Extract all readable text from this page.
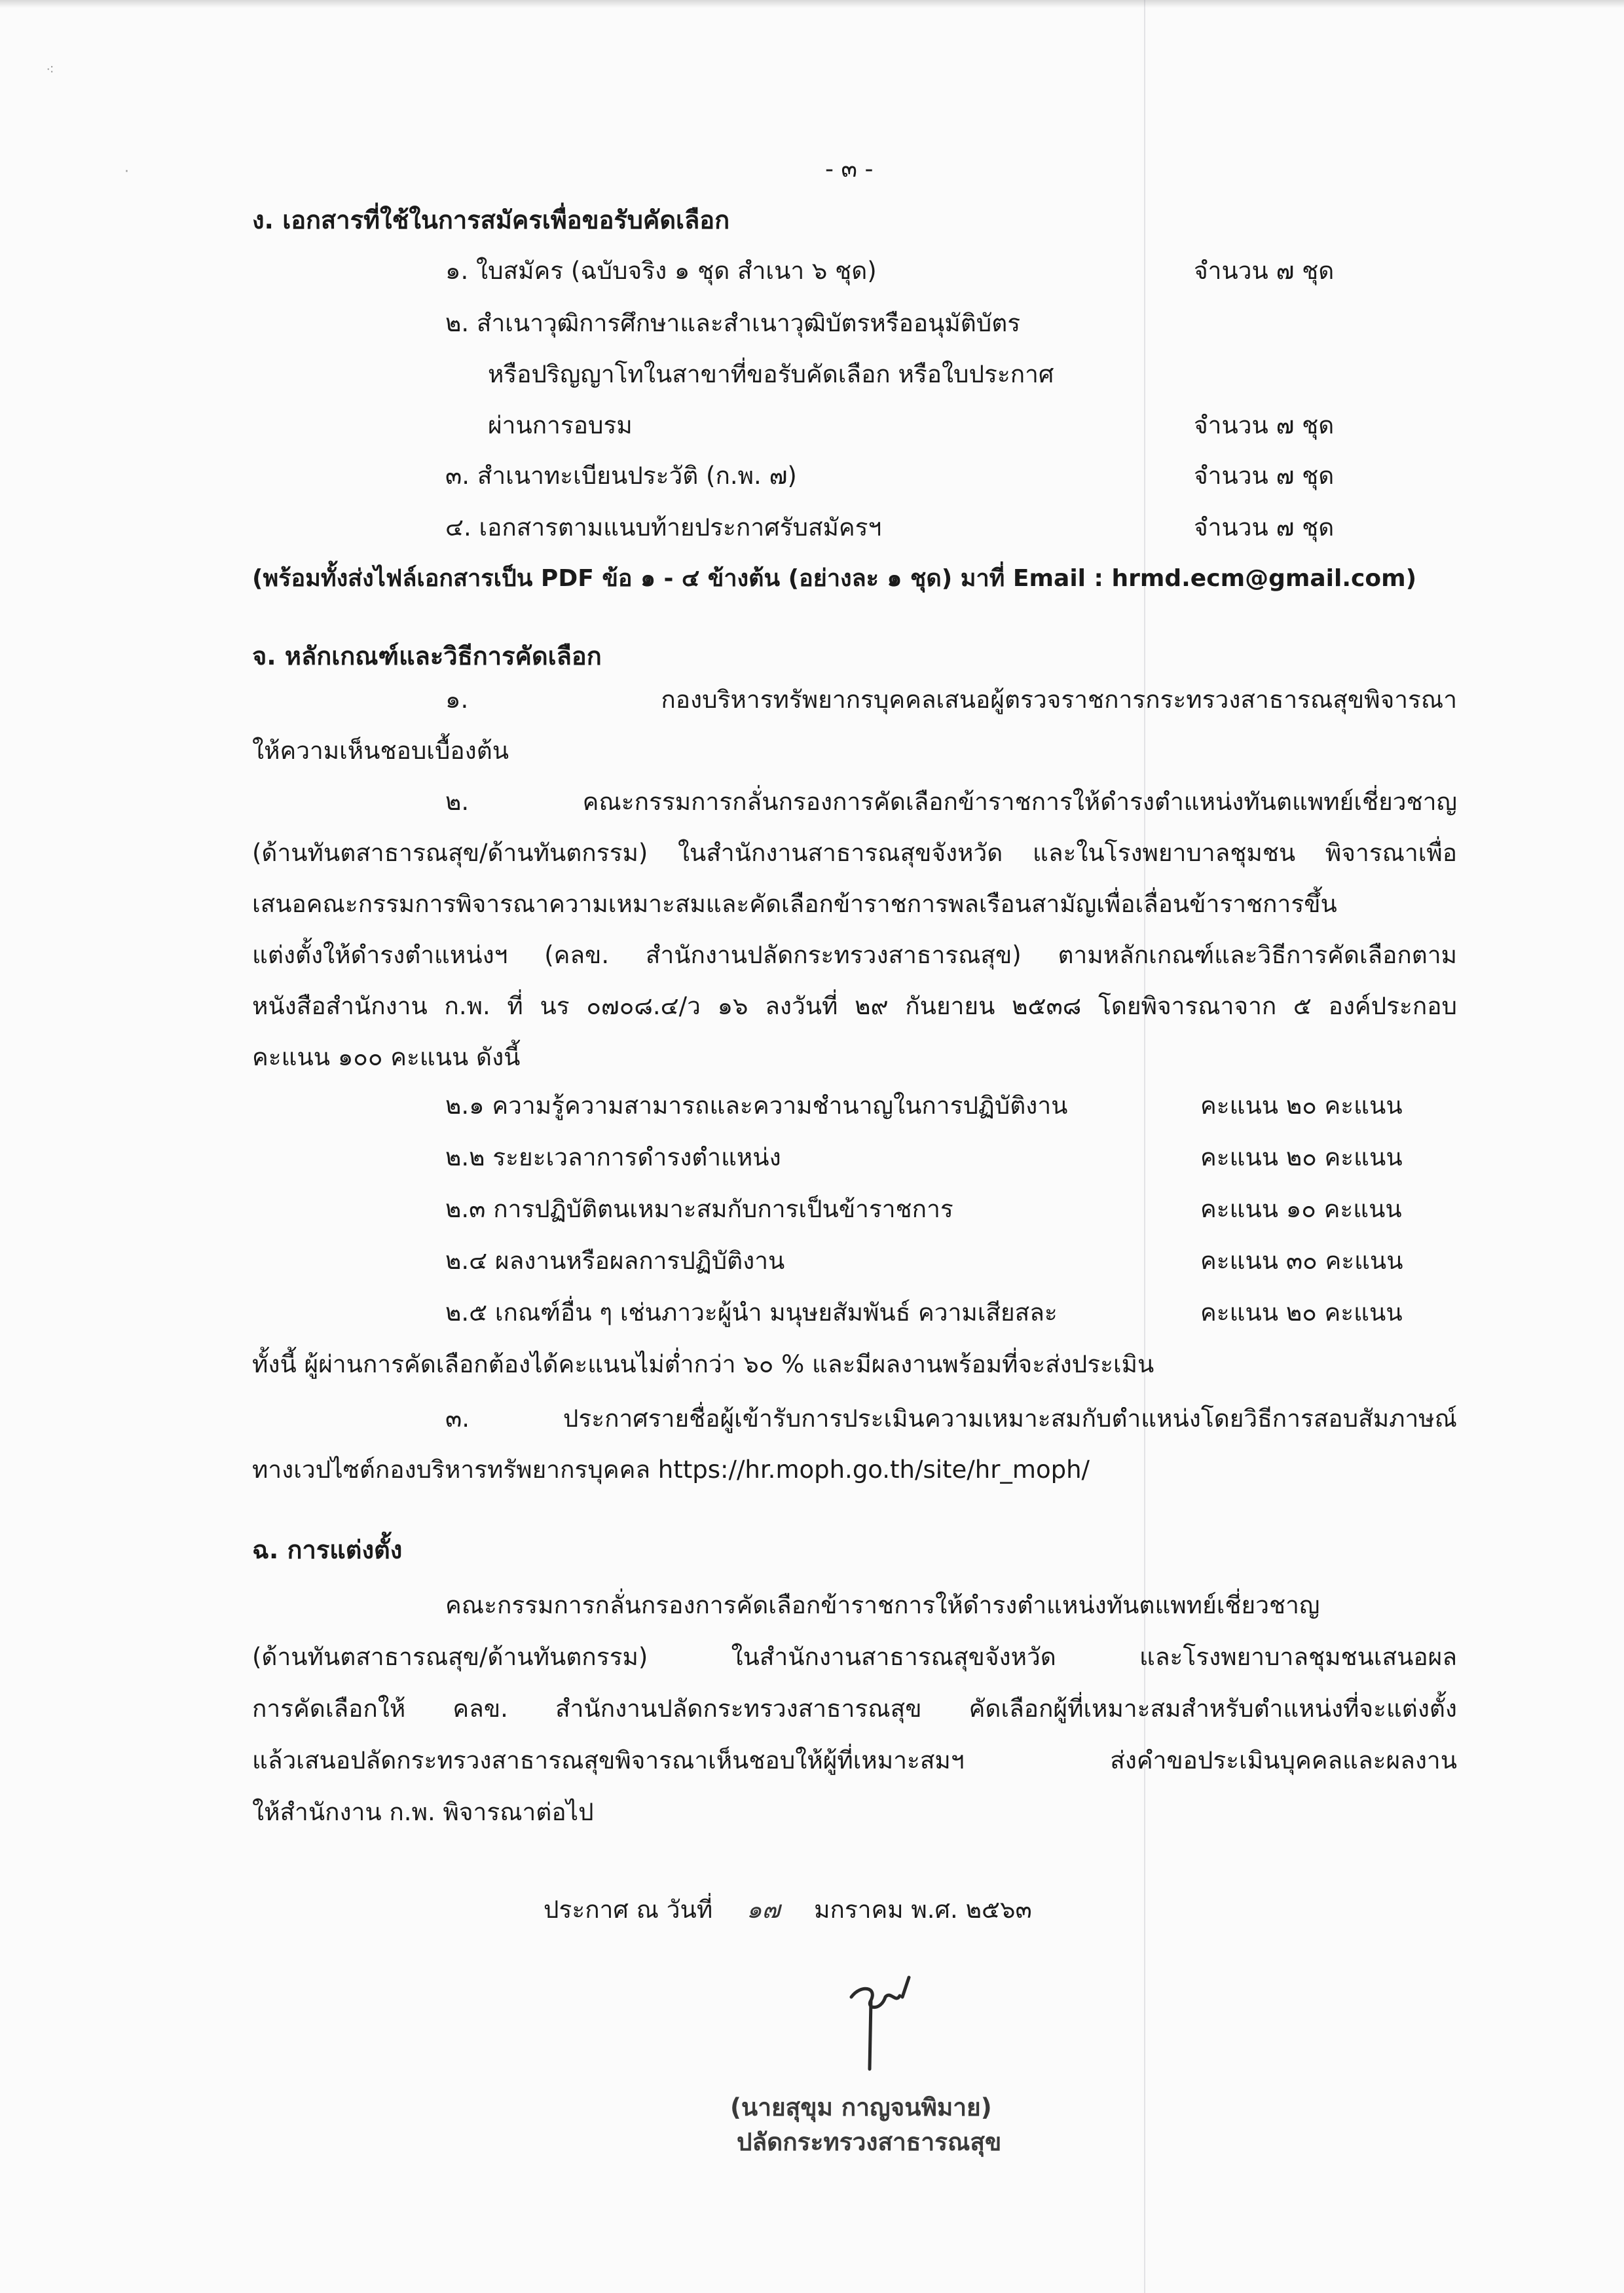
⁖
·	- ๓ -
ง. เอกสารที่ใช้ในการสมัครเพื่อขอรับคัดเลือก
๑. ใบสมัคร (ฉบับจริง ๑ ชุด สำเนา ๖ ชุด)	จำนวน ๗ ชุด
๒. สำเนาวุฒิการศึกษาและสำเนาวุฒิบัตรหรืออนุมัติบัตร
หรือปริญญาโทในสาขาที่ขอรับคัดเลือก หรือใบประกาศ
ผ่านการอบรม	จำนวน ๗ ชุด
๓. สำเนาทะเบียนประวัติ (ก.พ. ๗)	จำนวน ๗ ชุด
๔. เอกสารตามแนบท้ายประกาศรับสมัครฯ	จำนวน ๗ ชุด
(พร้อมทั้งส่งไฟล์เอกสารเป็น PDF ข้อ ๑ - ๔ ข้างต้น (อย่างละ ๑ ชุด) มาที่ Email : hrmd.ecm@gmail.com)
จ. หลักเกณฑ์และวิธีการคัดเลือก
๑. กองบริหารทรัพยากรบุคคลเสนอผู้ตรวจราชการกระทรวงสาธารณสุขพิจารณา
ให้ความเห็นชอบเบื้องต้น
๒. คณะกรรมการกลั่นกรองการคัดเลือกข้าราชการให้ดำรงตำแหน่งทันตแพทย์เชี่ยวชาญ
(ด้านทันตสาธารณสุข/ด้านทันตกรรม) ในสำนักงานสาธารณสุขจังหวัด และในโรงพยาบาลชุมชน พิจารณาเพื่อ
เสนอคณะกรรมการพิจารณาความเหมาะสมและคัดเลือกข้าราชการพลเรือนสามัญเพื่อเลื่อนข้าราชการขึ้น
แต่งตั้งให้ดำรงตำแหน่งฯ (คลข. สำนักงานปลัดกระทรวงสาธารณสุข) ตามหลักเกณฑ์และวิธีการคัดเลือกตาม
หนังสือสำนักงาน ก.พ. ที่ นร ๐๗๐๘.๔/ว ๑๖ ลงวันที่ ๒๙ กันยายน ๒๕๓๘ โดยพิจารณาจาก ๕ องค์ประกอบ
คะแนน ๑๐๐ คะแนน ดังนี้
๒.๑ ความรู้ความสามารถและความชำนาญในการปฏิบัติงาน	คะแนน ๒๐ คะแนน
๒.๒ ระยะเวลาการดำรงตำแหน่ง	คะแนน ๒๐ คะแนน
๒.๓ การปฏิบัติตนเหมาะสมกับการเป็นข้าราชการ	คะแนน ๑๐ คะแนน
๒.๔ ผลงานหรือผลการปฏิบัติงาน	คะแนน ๓๐ คะแนน
๒.๕ เกณฑ์อื่น ๆ เช่นภาวะผู้นำ มนุษยสัมพันธ์ ความเสียสละ	คะแนน ๒๐ คะแนน
ทั้งนี้ ผู้ผ่านการคัดเลือกต้องได้คะแนนไม่ต่ำกว่า ๖๐ % และมีผลงานพร้อมที่จะส่งประเมิน
๓. ประกาศรายชื่อผู้เข้ารับการประเมินความเหมาะสมกับตำแหน่งโดยวิธีการสอบสัมภาษณ์
ทางเวปไซต์กองบริหารทรัพยากรบุคคล https://hr.moph.go.th/site/hr_moph/
ฉ. การแต่งตั้ง
คณะกรรมการกลั่นกรองการคัดเลือกข้าราชการให้ดำรงตำแหน่งทันตแพทย์เชี่ยวชาญ
(ด้านทันตสาธารณสุข/ด้านทันตกรรม) ในสำนักงานสาธารณสุขจังหวัด และโรงพยาบาลชุมชนเสนอผล
การคัดเลือกให้ คลข. สำนักงานปลัดกระทรวงสาธารณสุข คัดเลือกผู้ที่เหมาะสมสำหรับตำแหน่งที่จะแต่งตั้ง
แล้วเสนอปลัดกระทรวงสาธารณสุขพิจารณาเห็นชอบให้ผู้ที่เหมาะสมฯ ส่งคำขอประเมินบุคคลและผลงาน
ให้สำนักงาน ก.พ. พิจารณาต่อไป
ประกาศ ณ วันที่ ๑๗ มกราคม พ.ศ. ๒๕๖๓
(นายสุขุม กาญจนพิมาย)
ปลัดกระทรวงสาธารณสุข
